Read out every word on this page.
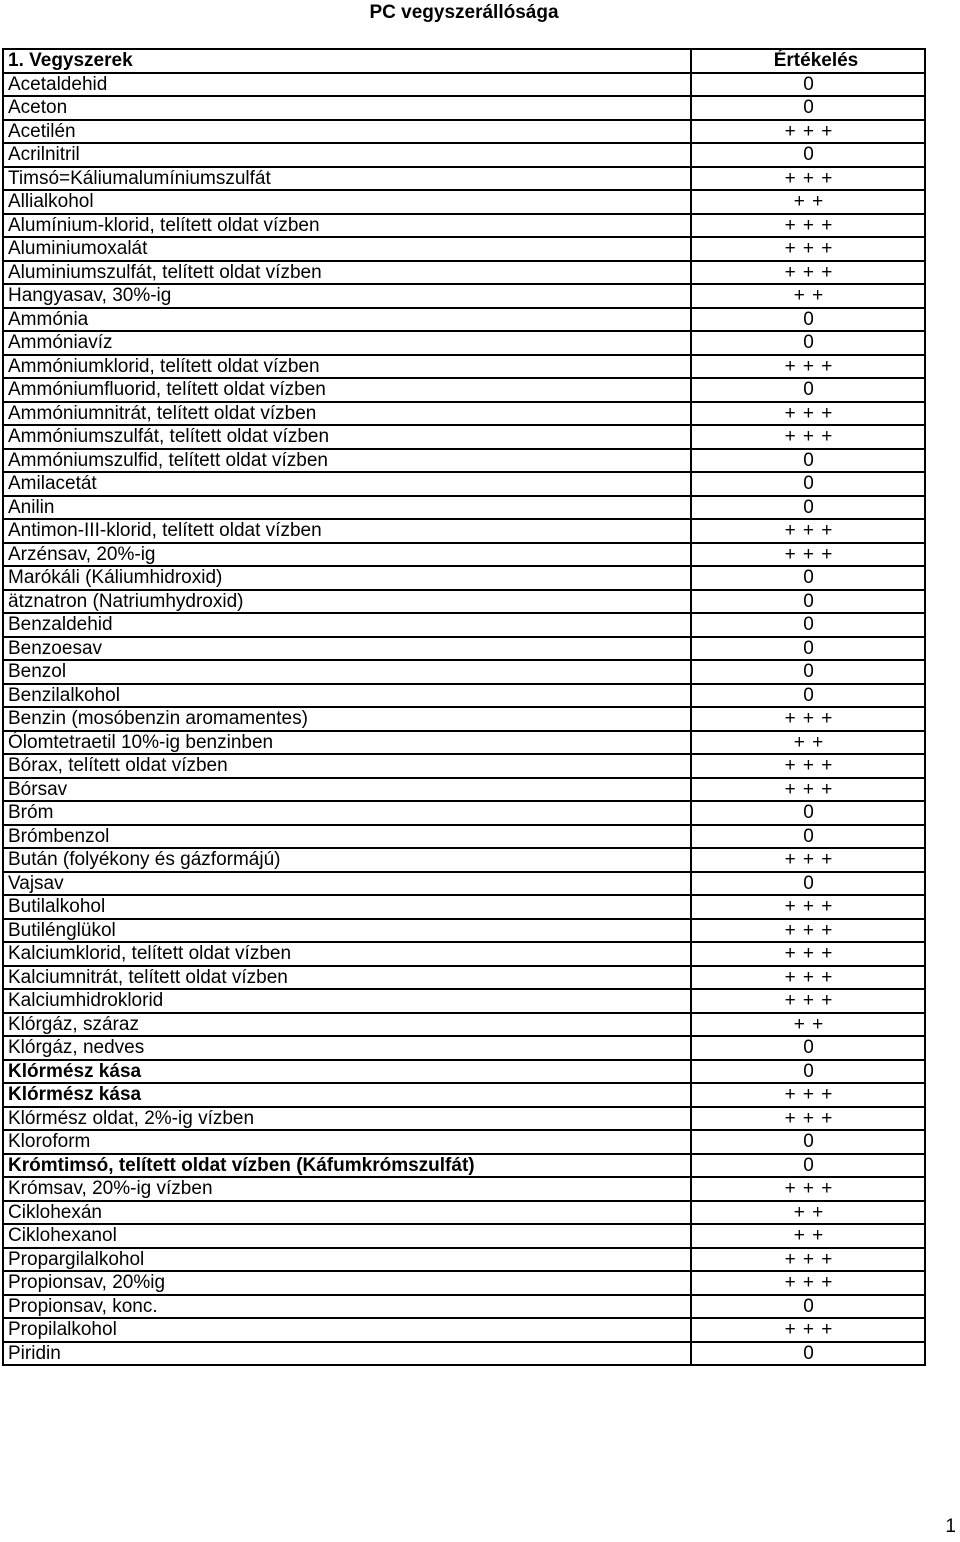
PC vegyszerállósága
1. Vegyszerek	Értékelés
Acetaldehid	0
Aceton	0
Acetilén	+ + +
Acrilnitril	0
Timsó=Káliumalumíniumszulfát	+ + +
Allialkohol	+ +
Alumínium-klorid, telített oldat vízben	+ + +
Aluminiumoxalát	+ + +
Aluminiumszulfát, telített oldat vízben	+ + +
Hangyasav, 30%-ig	+ +
Ammónia	0
Ammóniavíz	0
Ammóniumklorid, telített oldat vízben	+ + +
Ammóniumfluorid, telített oldat vízben	0
Ammóniumnitrát, telített oldat vízben	+ + +
Ammóniumszulfát, telített oldat vízben	+ + +
Ammóniumszulfid, telített oldat vízben	0
Amilacetát	0
Anilin	0
Antimon-III-klorid, telített oldat vízben	+ + +
Arzénsav, 20%-ig	+ + +
Marókáli (Káliumhidroxid)	0
ätznatron (Natriumhydroxid)	0
Benzaldehid	0
Benzoesav	0
Benzol	0
Benzilalkohol	0
Benzin (mosóbenzin aromamentes)	+ + +
Ólomtetraetil 10%-ig benzinben	+ +
Bórax, telített oldat vízben	+ + +
Bórsav	+ + +
Bróm	0
Brómbenzol	0
Bután (folyékony és gázformájú)	+ + +
Vajsav	0
Butilalkohol	+ + +
Butilénglükol	+ + +
Kalciumklorid, telített oldat vízben	+ + +
Kalciumnitrát, telített oldat vízben	+ + +
Kalciumhidroklorid	+ + +
Klórgáz, száraz	+ +
Klórgáz, nedves	0
Klórmész kása	0
Klórmész kása	+ + +
Klórmész oldat, 2%-ig vízben	+ + +
Kloroform	0
Krómtimsó, telített oldat vízben (Káfumkrómszulfát)	0
Krómsav, 20%-ig vízben	+ + +
Ciklohexán	+ +
Ciklohexanol	+ +
Propargilalkohol	+ + +
Propionsav, 20%ig	+ + +
Propionsav, konc.	0
Propilalkohol	+ + +
Piridin	0
1
